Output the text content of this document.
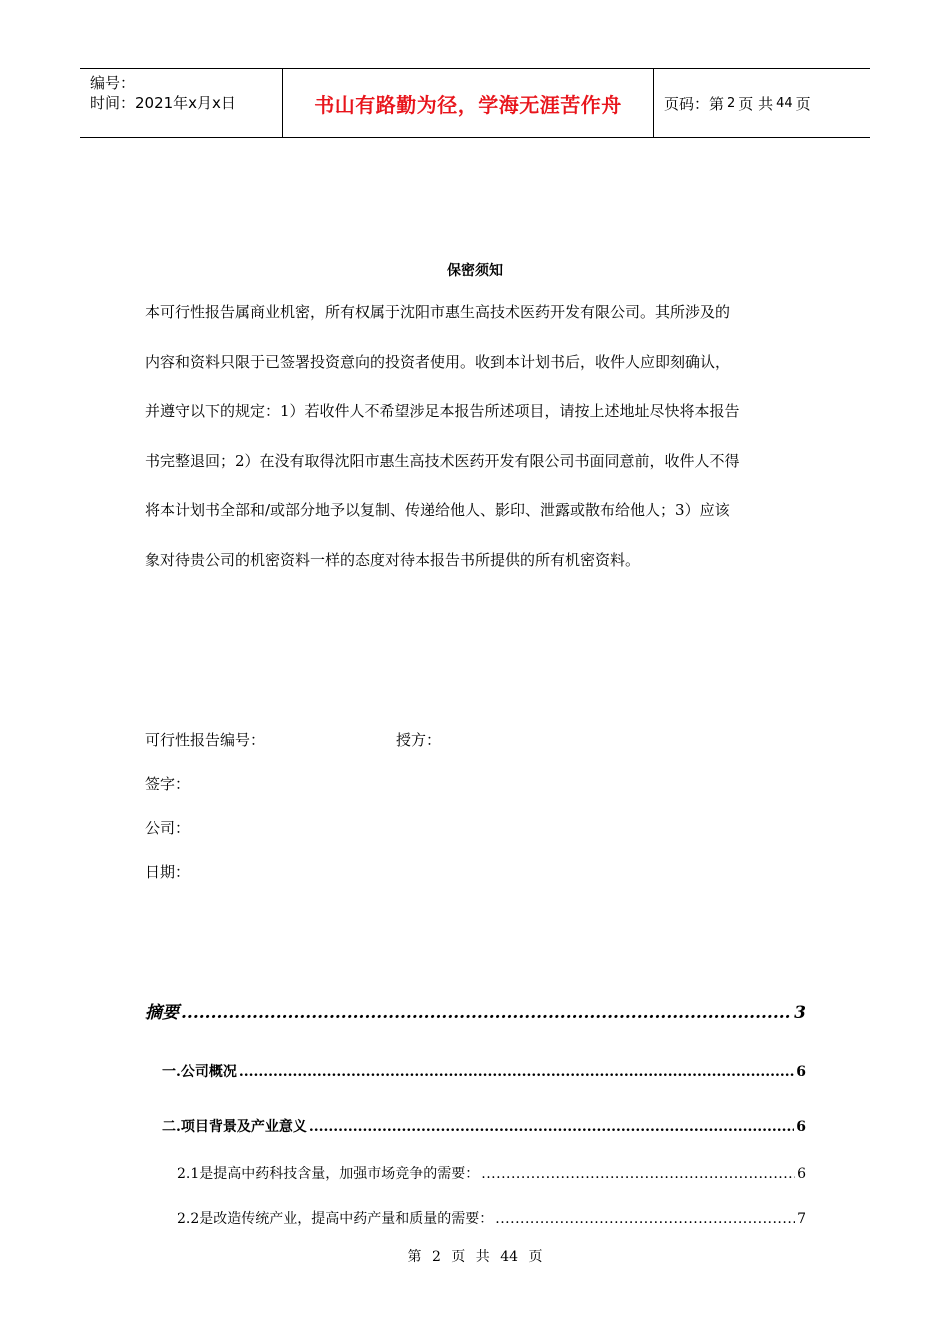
编号：
时间：2021年x月x日	书山有路勤为径，学海无涯苦作舟	页码：第 2 页 共 44 页
保密须知
本可行性报告属商业机密，所有权属于沈阳市惠生高技术医药开发有限公司。其所涉及的
内容和资料只限于已签署投资意向的投资者使用。收到本计划书后，收件人应即刻确认，
并遵守以下的规定：1）若收件人不希望涉足本报告所述项目，请按上述地址尽快将本报告
书完整退回；2）在没有取得沈阳市惠生高技术医药开发有限公司书面同意前，收件人不得
将本计划书全部和/或部分地予以复制、传递给他人、影印、泄露或散布给他人；3）应该
象对待贵公司的机密资料一样的态度对待本报告书所提供的所有机密资料。
可行性报告编号：	授方：
签字：
公司：
日期：
摘要 .....	3
一.公司概况 .....	6
二.项目背景及产业意义 .....	6
2.1是提高中药科技含量，加强市场竞争的需要： .....	6
2.2是改造传统产业，提高中药产量和质量的需要： .....	7
第 2 页 共 44 页
